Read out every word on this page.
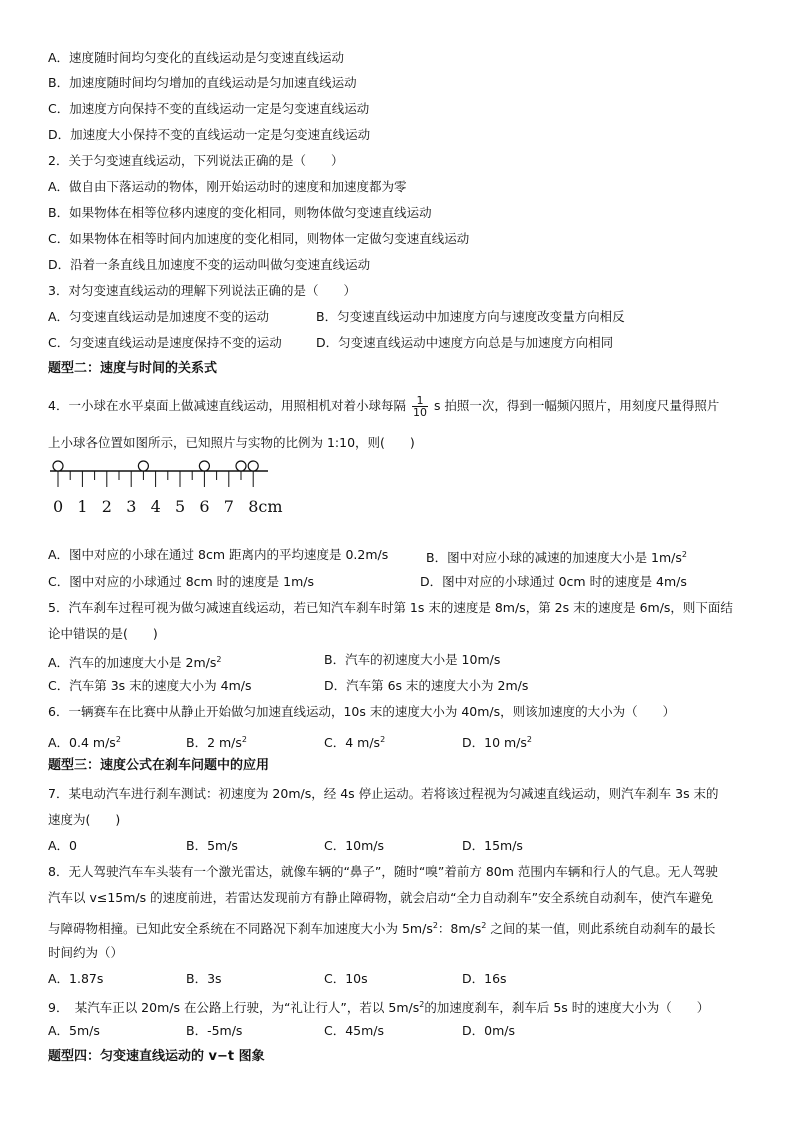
A．速度随时间均匀变化的直线运动是匀变速直线运动
B．加速度随时间均匀增加的直线运动是匀加速直线运动
C．加速度方向保持不变的直线运动一定是匀变速直线运动
D．加速度大小保持不变的直线运动一定是匀变速直线运动
2．关于匀变速直线运动，下列说法正确的是（　　）
A．做自由下落运动的物体，刚开始运动时的速度和加速度都为零
B．如果物体在相等位移内速度的变化相同，则物体做匀变速直线运动
C．如果物体在相等时间内加速度的变化相同，则物体一定做匀变速直线运动
D．沿着一条直线且加速度不变的运动叫做匀变速直线运动
3．对匀变速直线运动的理解下列说法正确的是（　　）
A．匀变速直线运动是加速度不变的运动	B．匀变速直线运动中加速度方向与速度改变量方向相反
C．匀变速直线运动是速度保持不变的运动	D．匀变速直线运动中速度方向总是与加速度方向相同
题型二：速度与时间的关系式
4．一小球在水平桌面上做减速直线运动，用照相机对着小球每隔 $\frac{1}{10}$ s 拍照一次，得到一幅频闪照片，用刻度尺量得照片
上小球各位置如图所示，已知照片与实物的比例为 1:10，则(　　)
0 1 2 3 4 5 6 7 8cm
A．图中对应的小球在通过 8cm 距离内的平均速度是 0.2m/s	B．图中对应小球的减速的加速度大小是 $1m/s^2$
C．图中对应的小球通过 8cm 时的速度是 1m/s	D．图中对应的小球通过 0cm 时的速度是 4m/s
5．汽车刹车过程可视为做匀减速直线运动，若已知汽车刹车时第 1s 末的速度是 8m/s，第 2s 末的速度是 6m/s，则下面结
论中错误的是(　　)
A．汽车的加速度大小是 $2m/s^2$	B．汽车的初速度大小是 10m/s
C．汽车第 3s 末的速度大小为 4m/s	D．汽车第 6s 末的速度大小为 2m/s
6．一辆赛车在比赛中从静止开始做匀加速直线运动，10s 末的速度大小为 40m/s，则该加速度的大小为（　　）
A．0.4 $m/s^2$	B．2 $m/s^2$	C．4 $m/s^2$	D．10 $m/s^2$
题型三：速度公式在刹车问题中的应用
7．某电动汽车进行刹车测试：初速度为 20m/s，经 4s 停止运动。若将该过程视为匀减速直线运动，则汽车刹车 3s 末的
速度为(　　)
A．0	B．5m/s	C．10m/s	D．15m/s
8．无人驾驶汽车车头装有一个激光雷达，就像车辆的“鼻子”，随时“嗅”着前方 80m 范围内车辆和行人的气息。无人驾驶
汽车以 v≤15m/s 的速度前进，若雷达发现前方有静止障碍物，就会启动“全力自动刹车”安全系统自动刹车，使汽车避免
与障碍物相撞。已知此安全系统在不同路况下刹车加速度大小为 $5m/s^2$：$8m/s^2$ 之间的某一值，则此系统自动刹车的最长
时间约为（）
A．1.87s	B．3s	C．10s	D．16s
9．　某汽车正以 20m/s 在公路上行驶，为“礼让行人”，若以 $5m/s^2$的加速度刹车，刹车后 5s 时的速度大小为（　　）
A．5m/s	B．-5m/s	C．45m/s	D．0m/s
题型四：匀变速直线运动的 v−t 图象
